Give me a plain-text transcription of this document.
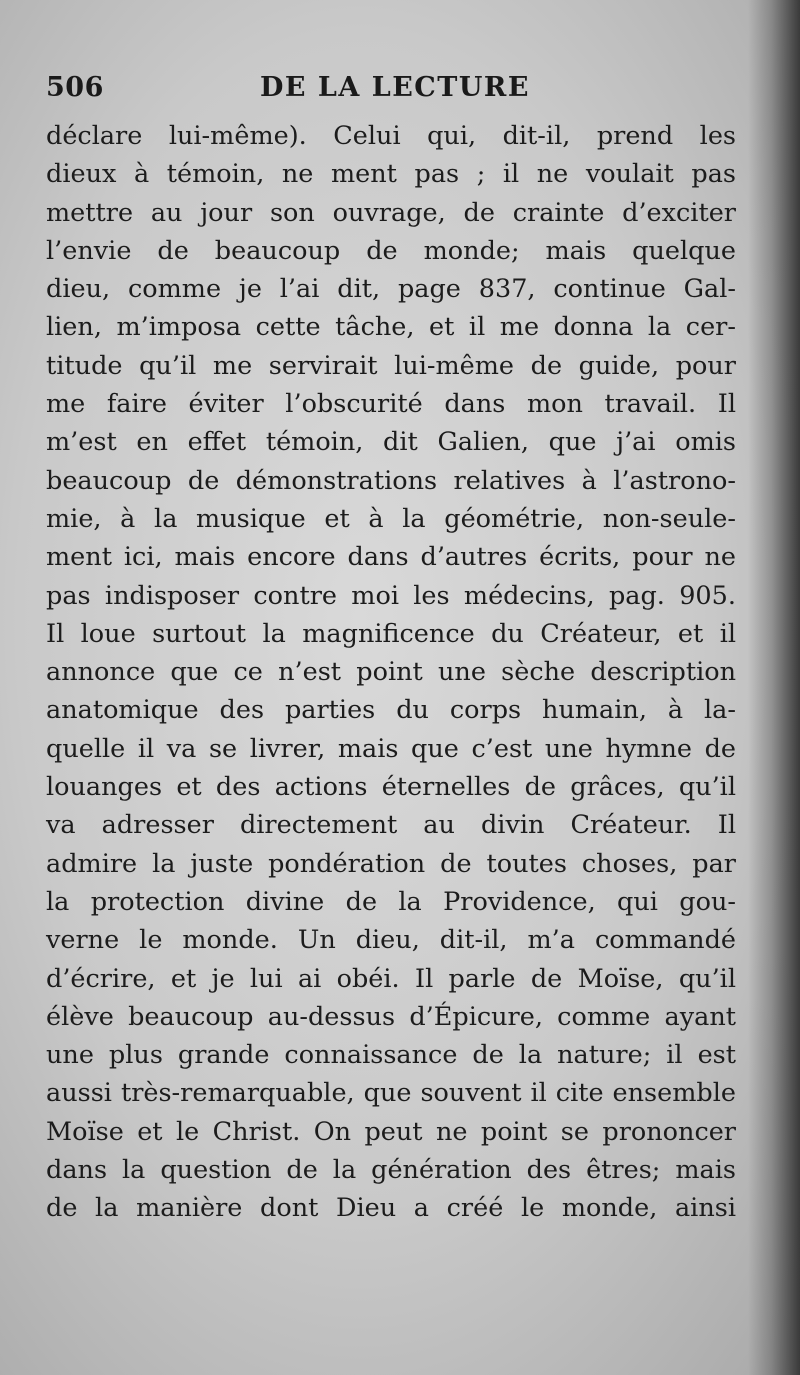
506	DE LA LECTURE
déclare lui-même). Celui qui, dit-il, prend les
dieux à témoin, ne ment pas ; il ne voulait pas
mettre au jour son ouvrage, de crainte d’exciter
l’envie de beaucoup de monde; mais quelque
dieu, comme je l’ai dit, page 837, continue Gal-
lien, m’imposa cette tâche, et il me donna la cer-
titude qu’il me servirait lui-même de guide, pour
me faire éviter l’obscurité dans mon travail. Il
m’est en effet témoin, dit Galien, que j’ai omis
beaucoup de démonstrations relatives à l’astrono-
mie, à la musique et à la géométrie, non-seule-
ment ici, mais encore dans d’autres écrits, pour ne
pas indisposer contre moi les médecins, pag. 905.
Il loue surtout la magnificence du Créateur, et il
annonce que ce n’est point une sèche description
anatomique des parties du corps humain, à la-
quelle il va se livrer, mais que c’est une hymne de
louanges et des actions éternelles de grâces, qu’il
va adresser directement au divin Créateur. Il
admire la juste pondération de toutes choses, par
la protection divine de la Providence, qui gou-
verne le monde. Un dieu, dit-il, m’a commandé
d’écrire, et je lui ai obéi. Il parle de Moïse, qu’il
élève beaucoup au-dessus d’Épicure, comme ayant
une plus grande connaissance de la nature; il est
aussi très-remarquable, que souvent il cite ensemble
Moïse et le Christ. On peut ne point se prononcer
dans la question de la génération des êtres; mais
de la manière dont Dieu a créé le monde, ainsi
